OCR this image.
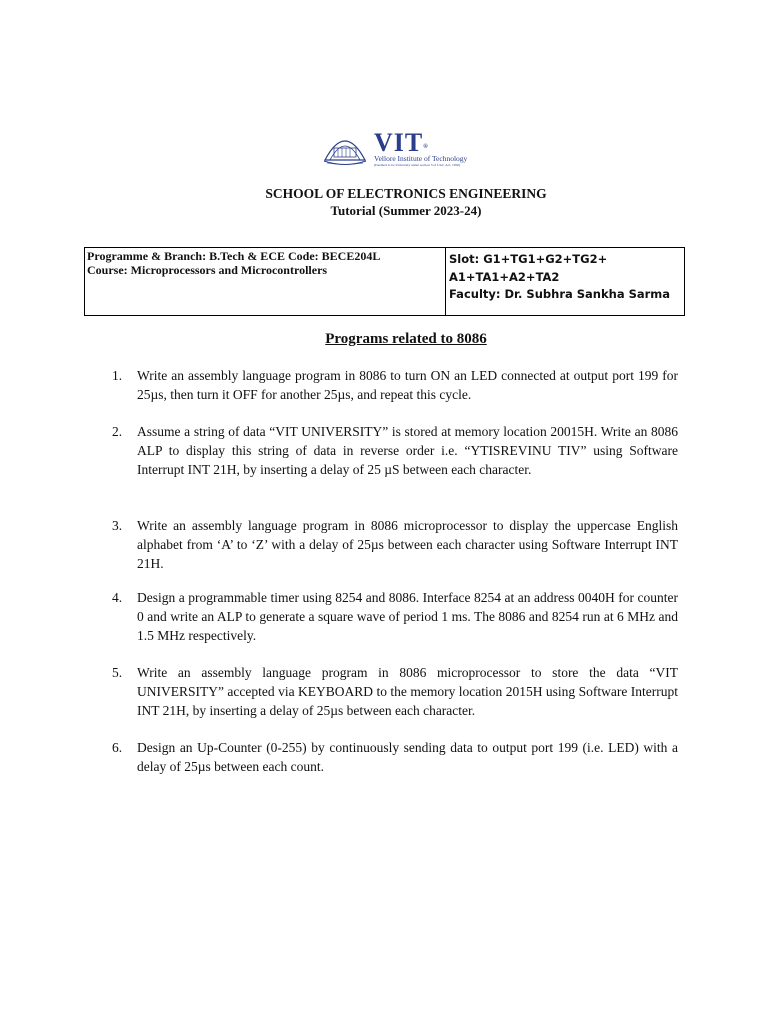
VIT®
Vellore Institute of Technology
(Deemed to be University under section 3 of UGC Act, 1956)
SCHOOL OF ELECTRONICS ENGINEERING
Tutorial (Summer 2023-24)
Programme & Branch: B.Tech & ECE Code: BECE204L
Course: Microprocessors and Microcontrollers
Slot: G1+TG1+G2+TG2+
A1+TA1+A2+TA2
Faculty: Dr. Subhra Sankha Sarma
Programs related to 8086
1. Write an assembly language program in 8086 to turn ON an LED connected at output port 199 for 25µs, then turn it OFF for another 25µs, and repeat this cycle.
2. Assume a string of data “VIT UNIVERSITY” is stored at memory location 20015H. Write an 8086 ALP to display this string of data in reverse order i.e. “YTISREVINU TIV” using Software Interrupt INT 21H, by inserting a delay of 25 µS between each character.
3. Write an assembly language program in 8086 microprocessor to display the uppercase English alphabet from ‘A’ to ‘Z’ with a delay of 25µs between each character using Software Interrupt INT 21H.
4. Design a programmable timer using 8254 and 8086. Interface 8254 at an address 0040H for counter 0 and write an ALP to generate a square wave of period 1 ms. The 8086 and 8254 run at 6 MHz and 1.5 MHz respectively.
5. Write an assembly language program in 8086 microprocessor to store the data “VIT UNIVERSITY” accepted via KEYBOARD to the memory location 2015H using Software Interrupt INT 21H, by inserting a delay of 25µs between each character.
6. Design an Up-Counter (0-255) by continuously sending data to output port 199 (i.e. LED) with a delay of 25µs between each count.
